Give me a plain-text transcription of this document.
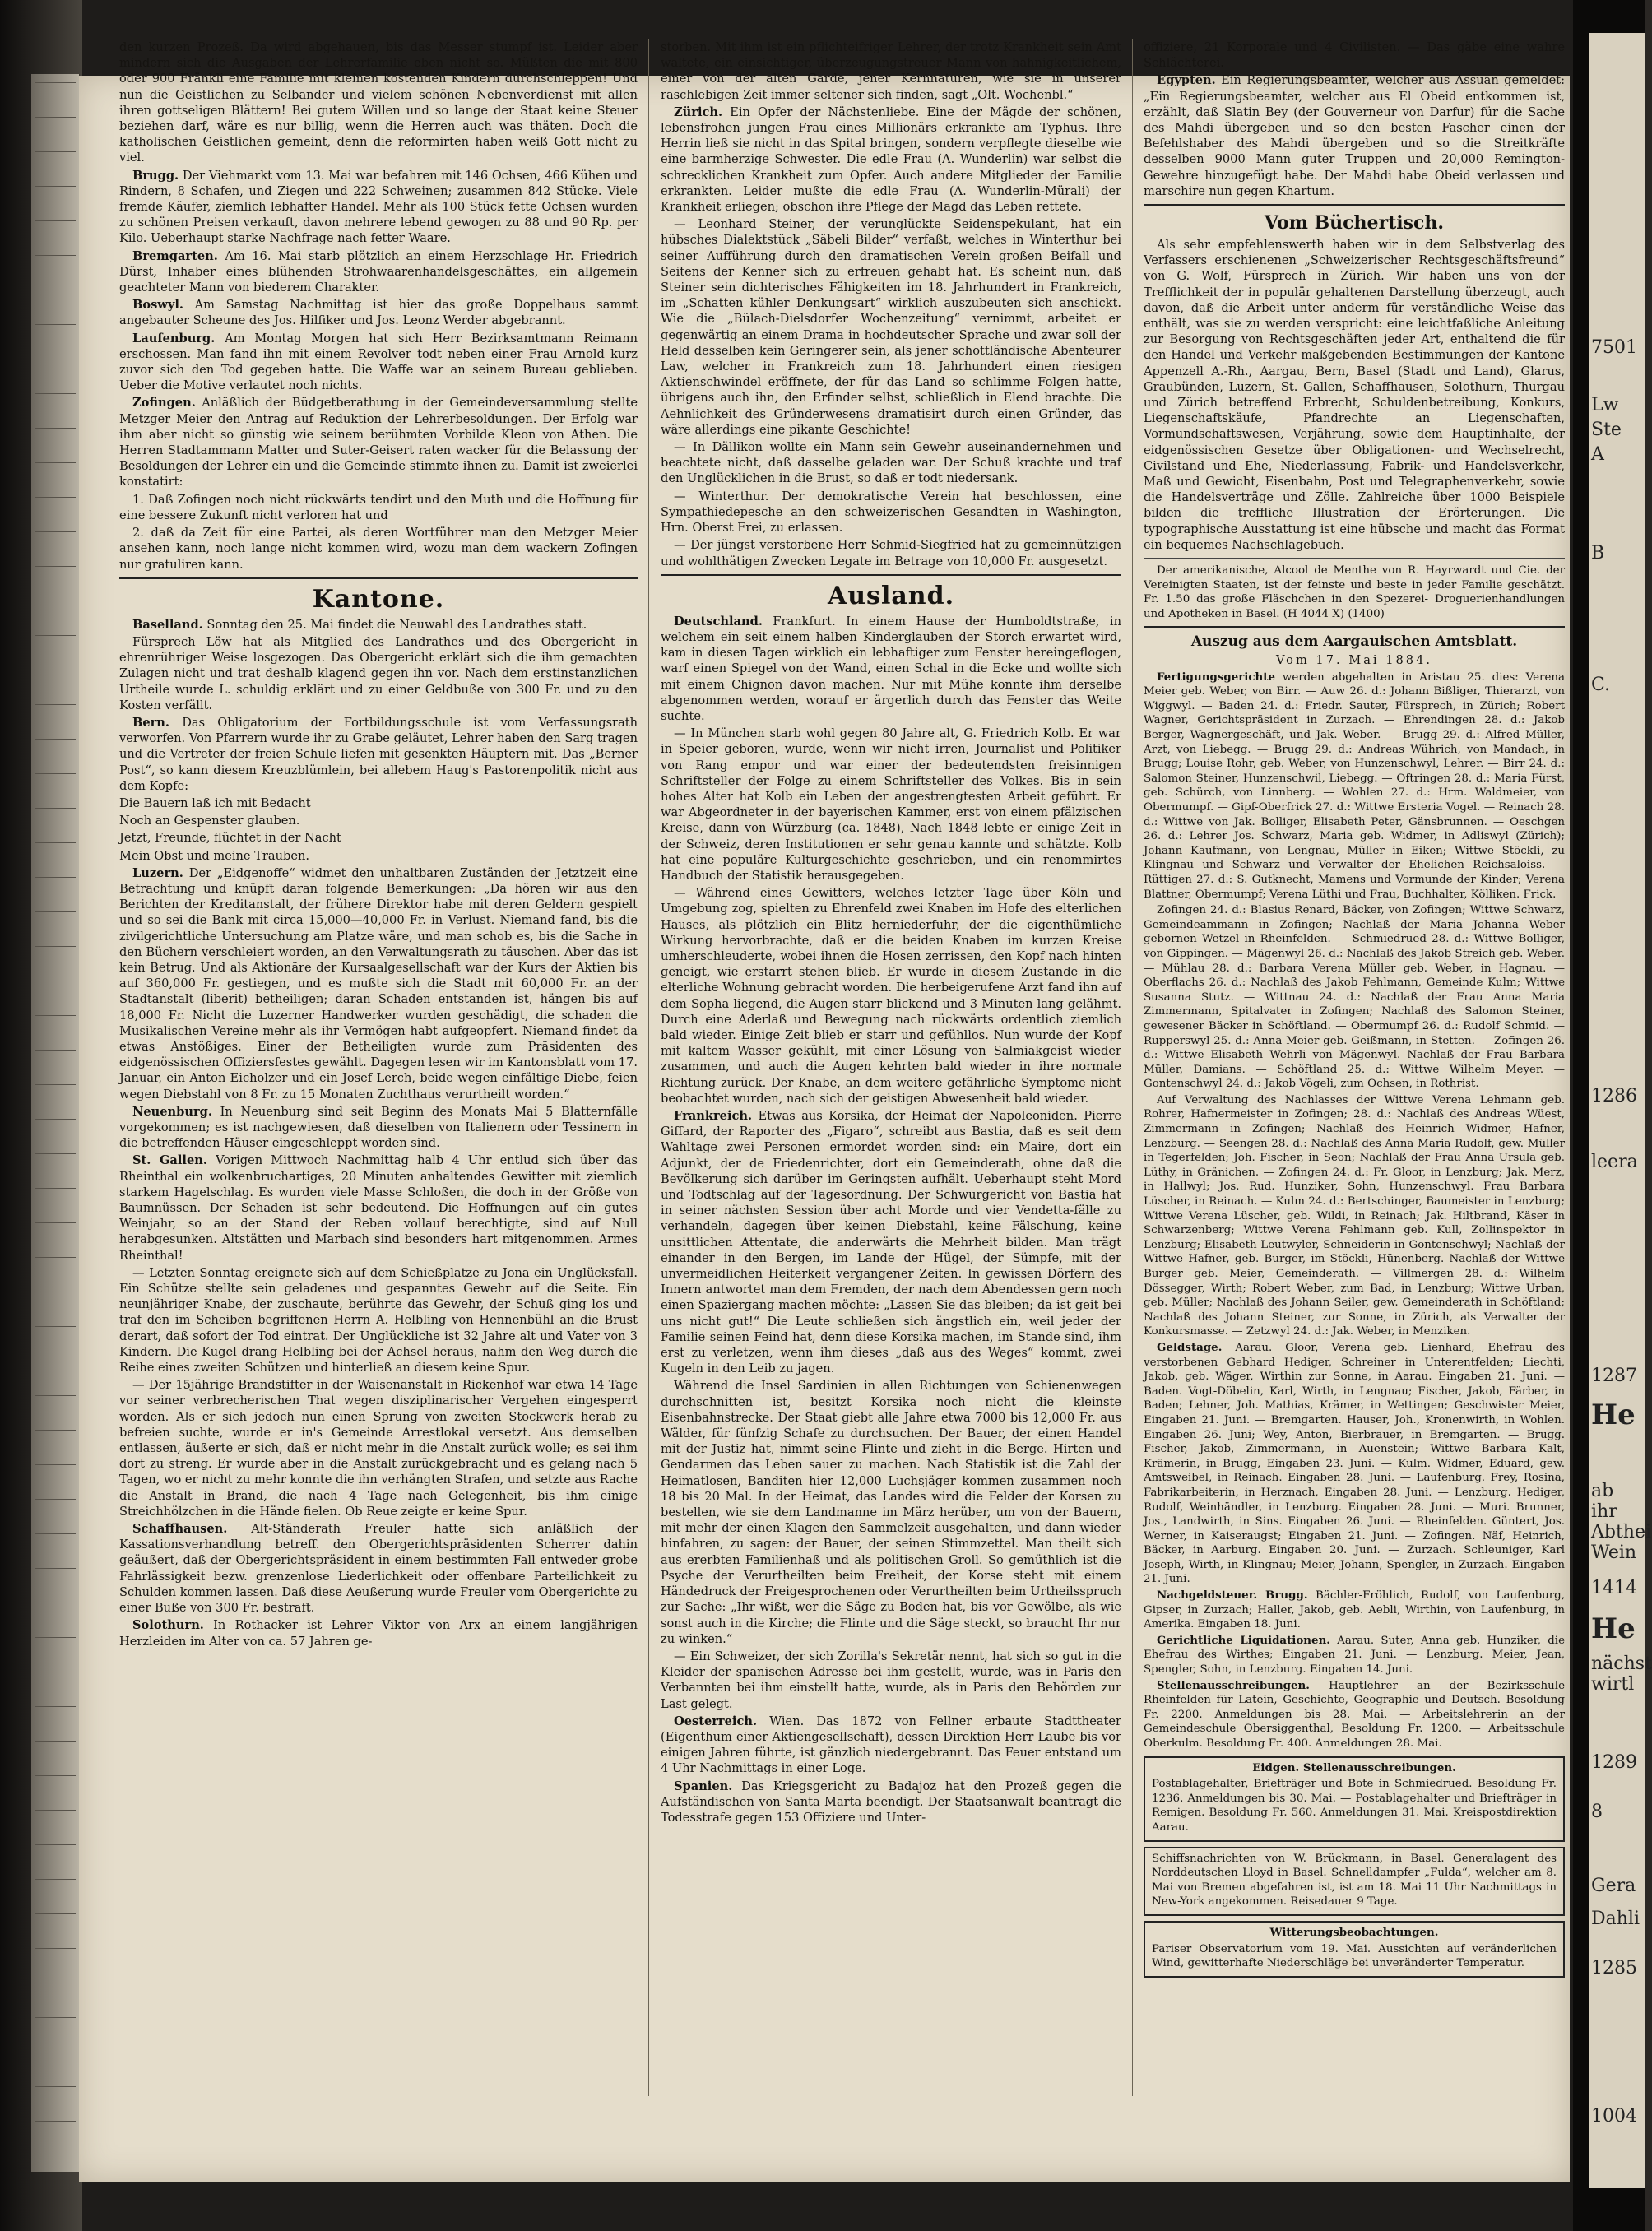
den kurzen Prozeß. Da wird abgehauen, bis das Messer stumpf ist. Leider aber mindern sich die Ausgaben der Lehrerfamilie eben nicht so. Müßten die mit 800 oder 900 Fränkli eine Familie mit kleinen kostenden Kindern durchschleppen! Und nun die Geistlichen zu Selbander und vielem schönen Nebenverdienst mit allen ihren gottseligen Blättern! Bei gutem Willen und so lange der Staat keine Steuer beziehen darf, wäre es nur billig, wenn die Herren auch was thäten. Doch die katholischen Geistlichen gemeint, denn die reformirten haben weiß Gott nicht zu viel.

Brugg. Der Viehmarkt vom 13. Mai war befahren mit 146 Ochsen, 466 Kühen und Rindern, 8 Schafen, und Ziegen und 222 Schweinen; zusammen 842 Stücke. Viele fremde Käufer, ziemlich lebhafter Handel. Mehr als 100 Stück fette Ochsen wurden zu schönen Preisen verkauft, davon mehrere lebend gewogen zu 88 und 90 Rp. per Kilo. Ueberhaupt starke Nachfrage nach fetter Waare.

Bremgarten. Am 16. Mai starb plötzlich an einem Herzschlage Hr. Friedrich Dürst, Inhaber eines blühenden Strohwaarenhandelsgeschäftes, ein allgemein geachteter Mann von biederem Charakter.

Boswyl. Am Samstag Nachmittag ist hier das große Doppelhaus sammt angebauter Scheune des Jos. Hilfiker und Jos. Leonz Werder abgebrannt.

Laufenburg. Am Montag Morgen hat sich Herr Bezirksamtmann Reimann erschossen. Man fand ihn mit einem Revolver todt neben einer Frau Arnold kurz zuvor sich den Tod gegeben hatte. Die Waffe war an seinem Bureau geblieben. Ueber die Motive verlautet noch nichts.

Zofingen. Anläßlich der Büdgetberathung in der Gemeindeversammlung stellte Metzger Meier den Antrag auf Reduktion der Lehrerbesoldungen. Der Erfolg war ihm aber nicht so günstig wie seinem berühmten Vorbilde Kleon von Athen. Die Herren Stadtammann Matter und Suter-Geisert raten wacker für die Belassung der Besoldungen der Lehrer ein und die Gemeinde stimmte ihnen zu. Damit ist zweierlei konstatirt:

1. Daß Zofingen noch nicht rückwärts tendirt und den Muth und die Hoffnung für eine bessere Zukunft nicht verloren hat und

2. daß da Zeit für eine Partei, als deren Wortführer man den Metzger Meier ansehen kann, noch lange nicht kommen wird, wozu man dem wackern Zofingen nur gratuliren kann.

Kantone.

Baselland. Sonntag den 25. Mai findet die Neuwahl des Landrathes statt.

Fürsprech Löw hat als Mitglied des Landrathes und des Obergericht in ehrenrühriger Weise losgezogen. Das Obergericht erklärt sich die ihm gemachten Zulagen nicht und trat deshalb klagend gegen ihn vor. Nach dem erstinstanzlichen Urtheile wurde L. schuldig erklärt und zu einer Geldbuße von 300 Fr. und zu den Kosten verfällt.

Bern. Das Obligatorium der Fortbildungsschule ist vom Verfassungsrath verworfen. Von Pfarrern wurde ihr zu Grabe geläutet, Lehrer haben den Sarg tragen und die Vertreter der freien Schule liefen mit gesenkten Häuptern mit. Das „Berner Post“, so kann diesem Kreuzblümlein, bei allebem Haug's Pastorenpolitik nicht aus dem Kopfe:

Die Bauern laß ich mit Bedacht

Noch an Gespenster glauben.

Jetzt, Freunde, flüchtet in der Nacht

Mein Obst und meine Trauben.

Luzern. Der „Eidgenoffe“ widmet den unhaltbaren Zuständen der Jetztzeit eine Betrachtung und knüpft daran folgende Bemerkungen: „Da hören wir aus den Berichten der Kreditanstalt, der frühere Direktor habe mit deren Geldern gespielt und so sei die Bank mit circa 15,000—40,000 Fr. in Verlust. Niemand fand, bis die zivilgerichtliche Untersuchung am Platze wäre, und man schob es, bis die Sache in den Büchern verschleiert worden, an den Verwaltungsrath zu täuschen. Aber das ist kein Betrug. Und als Aktionäre der Kursaalgesellschaft war der Kurs der Aktien bis auf 360,000 Fr. gestiegen, und es mußte sich die Stadt mit 60,000 Fr. an der Stadtanstalt (liberit) betheiligen; daran Schaden entstanden ist, hängen bis auf 18,000 Fr. Nicht die Luzerner Handwerker wurden geschädigt, die schaden die Musikalischen Vereine mehr als ihr Vermögen habt aufgeopfert. Niemand findet da etwas Anstößiges. Einer der Betheiligten wurde zum Präsidenten des eidgenössischen Offiziersfestes gewählt. Dagegen lesen wir im Kantonsblatt vom 17. Januar, ein Anton Eicholzer und ein Josef Lerch, beide wegen einfältige Diebe, feien wegen Diebstahl von 8 Fr. zu 15 Monaten Zuchthaus verurtheilt worden.“

Neuenburg. In Neuenburg sind seit Beginn des Monats Mai 5 Blatternfälle vorgekommen; es ist nachgewiesen, daß dieselben von Italienern oder Tessinern in die betreffenden Häuser eingeschleppt worden sind.

St. Gallen. Vorigen Mittwoch Nachmittag halb 4 Uhr entlud sich über das Rheinthal ein wolkenbruchartiges, 20 Minuten anhaltendes Gewitter mit ziemlich starkem Hagelschlag. Es wurden viele Masse Schloßen, die doch in der Größe von Baumnüssen. Der Schaden ist sehr bedeutend. Die Hoffnungen auf ein gutes Weinjahr, so an der Stand der Reben vollauf berechtigte, sind auf Null herabgesunken. Altstätten und Marbach sind besonders hart mitgenommen. Armes Rheinthal!

— Letzten Sonntag ereignete sich auf dem Schießplatze zu Jona ein Unglücksfall. Ein Schütze stellte sein geladenes und gespanntes Gewehr auf die Seite. Ein neunjähriger Knabe, der zuschaute, berührte das Gewehr, der Schuß ging los und traf den im Scheiben begriffenen Herrn A. Helbling von Hennenbühl an die Brust derart, daß sofort der Tod eintrat. Der Unglückliche ist 32 Jahre alt und Vater von 3 Kindern. Die Kugel drang Helbling bei der Achsel heraus, nahm den Weg durch die Reihe eines zweiten Schützen und hinterließ an diesem keine Spur.

— Der 15jährige Brandstifter in der Waisenanstalt in Rickenhof war etwa 14 Tage vor seiner verbrecherischen That wegen disziplinarischer Vergehen eingesperrt worden. Als er sich jedoch nun einen Sprung von zweiten Stockwerk herab zu befreien suchte, wurde er in's Gemeinde Arrestlokal versetzt. Aus demselben entlassen, äußerte er sich, daß er nicht mehr in die Anstalt zurück wolle; es sei ihm dort zu streng. Er wurde aber in die Anstalt zurückgebracht und es gelang nach 5 Tagen, wo er nicht zu mehr konnte die ihn verhängten Strafen, und setzte aus Rache die Anstalt in Brand, die nach 4 Tage nach Gelegenheit, bis ihm einige Streichhölzchen in die Hände fielen. Ob Reue zeigte er keine Spur.

Schaffhausen. Alt-Ständerath Freuler hatte sich anläßlich der Kassationsverhandlung betreff. den Obergerichtspräsidenten Scherrer dahin geäußert, daß der Obergerichtspräsident in einem bestimmten Fall entweder grobe Fahrlässigkeit bezw. grenzenlose Liederlichkeit oder offenbare Parteilichkeit zu Schulden kommen lassen. Daß diese Aeußerung wurde Freuler vom Obergerichte zu einer Buße von 300 Fr. bestraft.

Solothurn. In Rothacker ist Lehrer Viktor von Arx an einem langjährigen Herzleiden im Alter von ca. 57 Jahren ge-

storben. Mit ihm ist ein pflichteifriger Lehrer, der trotz Krankheit sein Amt waltete, ein einsichtiger, überzeugungstreuer Mann von hahnigkeitlichem, einer von der alten Garde, jener Kernnaturen, wie sie in unserer raschlebigen Zeit immer seltener sich finden, sagt „Olt. Wochenbl.“

Zürich. Ein Opfer der Nächstenliebe. Eine der Mägde der schönen, lebensfrohen jungen Frau eines Millionärs erkrankte am Typhus. Ihre Herrin ließ sie nicht in das Spital bringen, sondern verpflegte dieselbe wie eine barmherzige Schwester. Die edle Frau (A. Wunderlin) war selbst die schrecklichen Krankheit zum Opfer. Auch andere Mitglieder der Familie erkrankten. Leider mußte die edle Frau (A. Wunderlin-Mürali) der Krankheit erliegen; obschon ihre Pflege der Magd das Leben rettete.

— Leonhard Steiner, der verunglückte Seidenspekulant, hat ein hübsches Dialektstück „Säbeli Bilder“ verfaßt, welches in Winterthur bei seiner Aufführung durch den dramatischen Verein großen Beifall und Seitens der Kenner sich zu erfreuen gehabt hat. Es scheint nun, daß Steiner sein dichterisches Fähigkeiten im 18. Jahrhundert in Frankreich, im „Schatten kühler Denkungsart“ wirklich auszubeuten sich anschickt. Wie die „Bülach-Dielsdorfer Wochenzeitung“ vernimmt, arbeitet er gegenwärtig an einem Drama in hochdeutscher Sprache und zwar soll der Held desselben kein Geringerer sein, als jener schottländische Abenteurer Law, welcher in Frankreich zum 18. Jahrhundert einen riesigen Aktienschwindel eröffnete, der für das Land so schlimme Folgen hatte, übrigens auch ihn, den Erfinder selbst, schließlich in Elend brachte. Die Aehnlichkeit des Gründerwesens dramatisirt durch einen Gründer, das wäre allerdings eine pikante Geschichte!

— In Dällikon wollte ein Mann sein Gewehr auseinandernehmen und beachtete nicht, daß dasselbe geladen war. Der Schuß krachte und traf den Unglücklichen in die Brust, so daß er todt niedersank.

— Winterthur. Der demokratische Verein hat beschlossen, eine Sympathiedepesche an den schweizerischen Gesandten in Washington, Hrn. Oberst Frei, zu erlassen.

— Der jüngst verstorbene Herr Schmid-Siegfried hat zu gemeinnützigen und wohlthätigen Zwecken Legate im Betrage von 10,000 Fr. ausgesetzt.

Ausland.

Deutschland. Frankfurt. In einem Hause der Humboldtstraße, in welchem ein seit einem halben Kinderglauben der Storch erwartet wird, kam in diesen Tagen wirklich ein lebhaftiger zum Fenster hereingeflogen, warf einen Spiegel von der Wand, einen Schal in die Ecke und wollte sich mit einem Chignon davon machen. Nur mit Mühe konnte ihm derselbe abgenommen werden, worauf er ärgerlich durch das Fenster das Weite suchte.

— In München starb wohl gegen 80 Jahre alt, G. Friedrich Kolb. Er war in Speier geboren, wurde, wenn wir nicht irren, Journalist und Politiker von Rang empor und war einer der bedeutendsten freisinnigen Schriftsteller der Folge zu einem Schriftsteller des Volkes. Bis in sein hohes Alter hat Kolb ein Leben der angestrengtesten Arbeit geführt. Er war Abgeordneter in der bayerischen Kammer, erst von einem pfälzischen Kreise, dann von Würzburg (ca. 1848), Nach 1848 lebte er einige Zeit in der Schweiz, deren Institutionen er sehr genau kannte und schätzte. Kolb hat eine populäre Kulturgeschichte geschrieben, und ein renommirtes Handbuch der Statistik herausgegeben.

— Während eines Gewitters, welches letzter Tage über Köln und Umgebung zog, spielten zu Ehrenfeld zwei Knaben im Hofe des elterlichen Hauses, als plötzlich ein Blitz herniederfuhr, der die eigenthümliche Wirkung hervorbrachte, daß er die beiden Knaben im kurzen Kreise umherschleuderte, wobei ihnen die Hosen zerrissen, den Kopf nach hinten geneigt, wie erstarrt stehen blieb. Er wurde in diesem Zustande in die elterliche Wohnung gebracht worden. Die herbeigerufene Arzt fand ihn auf dem Sopha liegend, die Augen starr blickend und 3 Minuten lang gelähmt. Durch eine Aderlaß und Bewegung nach rückwärts ordentlich ziemlich bald wieder. Einige Zeit blieb er starr und gefühllos. Nun wurde der Kopf mit kaltem Wasser gekühlt, mit einer Lösung von Salmiakgeist wieder zusammen, und auch die Augen kehrten bald wieder in ihre normale Richtung zurück. Der Knabe, an dem weitere gefährliche Symptome nicht beobachtet wurden, nach sich der geistigen Abwesenheit bald wieder.

Frankreich. Etwas aus Korsika, der Heimat der Napoleoniden. Pierre Giffard, der Raporter des „Figaro“, schreibt aus Bastia, daß es seit dem Wahltage zwei Personen ermordet worden sind: ein Maire, dort ein Adjunkt, der de Friedenrichter, dort ein Gemeinderath, ohne daß die Bevölkerung sich darüber im Geringsten aufhält. Ueberhaupt steht Mord und Todtschlag auf der Tagesordnung. Der Schwurgericht von Bastia hat in seiner nächsten Session über acht Morde und vier Vendetta-fälle zu verhandeln, dagegen über keinen Diebstahl, keine Fälschung, keine unsittlichen Attentate, die anderwärts die Mehrheit bilden. Man trägt einander in den Bergen, im Lande der Hügel, der Sümpfe, mit der unvermeidlichen Heiterkeit vergangener Zeiten. In gewissen Dörfern des Innern antwortet man dem Fremden, der nach dem Abendessen gern noch einen Spaziergang machen möchte: „Lassen Sie das bleiben; da ist geit bei uns nicht gut!“ Die Leute schließen sich ängstlich ein, weil jeder der Familie seinen Feind hat, denn diese Korsika machen, im Stande sind, ihm erst zu verletzen, wenn ihm dieses „daß aus des Weges“ kommt, zwei Kugeln in den Leib zu jagen.

Während die Insel Sardinien in allen Richtungen von Schienenwegen durchschnitten ist, besitzt Korsika noch nicht die kleinste Eisenbahnstrecke. Der Staat giebt alle Jahre etwa 7000 bis 12,000 Fr. aus Wälder, für fünfzig Schafe zu durchsuchen. Der Bauer, der einen Handel mit der Justiz hat, nimmt seine Flinte und zieht in die Berge. Hirten und Gendarmen das Leben sauer zu machen. Nach Statistik ist die Zahl der Heimatlosen, Banditen hier 12,000 Luchsjäger kommen zusammen noch 18 bis 20 Mal. In der Heimat, das Landes wird die Felder der Korsen zu bestellen, wie sie dem Landmanne im März herüber, um von der Bauern, mit mehr der einen Klagen den Sammelzeit ausgehalten, und dann wieder hinfahren, zu sagen: der Bauer, der seinen Stimmzettel. Man theilt sich aus ererbten Familienhaß und als politischen Groll. So gemüthlich ist die Psyche der Verurtheilten beim Freiheit, der Korse steht mit einem Händedruck der Freigesprochenen oder Verurtheilten beim Urtheilsspruch zur Sache: „Ihr wißt, wer die Säge zu Boden hat, bis vor Gewölbe, als wie sonst auch in die Kirche; die Flinte und die Säge steckt, so braucht Ihr nur zu winken.“

— Ein Schweizer, der sich Zorilla's Sekretär nennt, hat sich so gut in die Kleider der spanischen Adresse bei ihm gestellt, wurde, was in Paris den Verbannten bei ihm einstellt hatte, wurde, als in Paris den Behörden zur Last gelegt.

Oesterreich. Wien. Das 1872 von Fellner erbaute Stadttheater (Eigenthum einer Aktiengesellschaft), dessen Direktion Herr Laube bis vor einigen Jahren führte, ist gänzlich niedergebrannt. Das Feuer entstand um 4 Uhr Nachmittags in einer Loge.

Spanien. Das Kriegsgericht zu Badajoz hat den Prozeß gegen die Aufständischen von Santa Marta beendigt. Der Staatsanwalt beantragt die Todesstrafe gegen 153 Offiziere und Unter-

offiziere, 21 Korporale und 4 Civilisten. — Das gäbe eine wahre Schlächterei.

Egypten. Ein Regierungsbeamter, welcher aus Assuan gemeldet: „Ein Regierungsbeamter, welcher aus El Obeid entkommen ist, erzählt, daß Slatin Bey (der Gouverneur von Darfur) für die Sache des Mahdi übergeben und so den besten Fascher einen der Befehlshaber des Mahdi übergeben und so die Streitkräfte desselben 9000 Mann guter Truppen und 20,000 Remington-Gewehre hinzugefügt habe. Der Mahdi habe Obeid verlassen und marschire nun gegen Khartum.

Vom Büchertisch.

Als sehr empfehlenswerth haben wir in dem Selbstverlag des Verfassers erschienenen „Schweizerischer Rechtsgeschäftsfreund“ von G. Wolf, Fürsprech in Zürich. Wir haben uns von der Trefflichkeit der in populär gehaltenen Darstellung überzeugt, auch davon, daß die Arbeit unter anderm für verständliche Weise das enthält, was sie zu werden verspricht: eine leichtfaßliche Anleitung zur Besorgung von Rechtsgeschäften jeder Art, enthaltend die für den Handel und Verkehr maßgebenden Bestimmungen der Kantone Appenzell A.-Rh., Aargau, Bern, Basel (Stadt und Land), Glarus, Graubünden, Luzern, St. Gallen, Schaffhausen, Solothurn, Thurgau und Zürich betreffend Erbrecht, Schuldenbetreibung, Konkurs, Liegenschaftskäufe, Pfandrechte an Liegenschaften, Vormundschaftswesen, Verjährung, sowie dem Hauptinhalte, der eidgenössischen Gesetze über Obligationen- und Wechselrecht, Civilstand und Ehe, Niederlassung, Fabrik- und Handelsverkehr, Maß und Gewicht, Eisenbahn, Post und Telegraphenverkehr, sowie die Handelsverträge und Zölle. Zahlreiche über 1000 Beispiele bilden die treffliche Illustration der Erörterungen. Die typographische Ausstattung ist eine hübsche und macht das Format ein bequemes Nachschlagebuch.

Der amerikanische, Alcool de Menthe von R. Hayrwardt und Cie. der Vereinigten Staaten, ist der feinste und beste in jeder Familie geschätzt. Fr. 1.50 das große Fläschchen in den Spezerei- Droguerienhandlungen und Apotheken in Basel. (H 4044 X) (1400)

Auszug aus dem Aargauischen Amtsblatt.

Vom 17. Mai 1884.

Fertigungsgerichte werden abgehalten in Aristau 25. dies: Verena Meier geb. Weber, von Birr. — Auw 26. d.: Johann Bißliger, Thierarzt, von Wiggwyl. — Baden 24. d.: Friedr. Sauter, Fürsprech, in Zürich; Robert Wagner, Gerichtspräsident in Zurzach. — Ehrendingen 28. d.: Jakob Berger, Wagnergeschäft, und Jak. Weber. — Brugg 29. d.: Alfred Müller, Arzt, von Liebegg. — Brugg 29. d.: Andreas Wührich, von Mandach, in Brugg; Louise Rohr, geb. Weber, von Hunzenschwyl, Lehrer. — Birr 24. d.: Salomon Steiner, Hunzenschwil, Liebegg. — Oftringen 28. d.: Maria Fürst, geb. Schürch, von Linnberg. — Wohlen 27. d.: Hrm. Waldmeier, von Obermumpf. — Gipf-Oberfrick 27. d.: Wittwe Ersteria Vogel. — Reinach 28. d.: Wittwe von Jak. Bolliger, Elisabeth Peter, Gänsbrunnen. — Oeschgen 26. d.: Lehrer Jos. Schwarz, Maria geb. Widmer, in Adliswyl (Zürich); Johann Kaufmann, von Lengnau, Müller in Eiken; Wittwe Stöckli, zu Klingnau und Schwarz und Verwalter der Ehelichen Reichsaloiss. — Rüttigen 27. d.: S. Gutknecht, Mamens und Vormunde der Kinder; Verena Blattner, Obermumpf; Verena Lüthi und Frau, Buchhalter, Kölliken. Frick.

Zofingen 24. d.: Blasius Renard, Bäcker, von Zofingen; Wittwe Schwarz, Gemeindeammann in Zofingen; Nachlaß der Maria Johanna Weber gebornen Wetzel in Rheinfelden. — Schmiedrued 28. d.: Wittwe Bolliger, von Gippingen. — Mägenwyl 26. d.: Nachlaß des Jakob Streich geb. Weber. — Mühlau 28. d.: Barbara Verena Müller geb. Weber, in Hagnau. — Oberflachs 26. d.: Nachlaß des Jakob Fehlmann, Gemeinde Kulm; Wittwe Susanna Stutz. — Wittnau 24. d.: Nachlaß der Frau Anna Maria Zimmermann, Spitalvater in Zofingen; Nachlaß des Salomon Steiner, gewesener Bäcker in Schöftland. — Obermumpf 26. d.: Rudolf Schmid. — Rupperswyl 25. d.: Anna Meier geb. Geißmann, in Stetten. — Zofingen 26. d.: Wittwe Elisabeth Wehrli von Mägenwyl. Nachlaß der Frau Barbara Müller, Damians. — Schöftland 25. d.: Wittwe Wilhelm Meyer. — Gontenschwyl 24. d.: Jakob Vögeli, zum Ochsen, in Rothrist.

Auf Verwaltung des Nachlasses der Wittwe Verena Lehmann geb. Rohrer, Hafnermeister in Zofingen; 28. d.: Nachlaß des Andreas Wüest, Zimmermann in Zofingen; Nachlaß des Heinrich Widmer, Hafner, Lenzburg. — Seengen 28. d.: Nachlaß des Anna Maria Rudolf, gew. Müller in Tegerfelden; Joh. Fischer, in Seon; Nachlaß der Frau Anna Ursula geb. Lüthy, in Gränichen. — Zofingen 24. d.: Fr. Gloor, in Lenzburg; Jak. Merz, in Hallwyl; Jos. Rud. Hunziker, Sohn, Hunzenschwyl. Frau Barbara Lüscher, in Reinach. — Kulm 24. d.: Bertschinger, Baumeister in Lenzburg; Wittwe Verena Lüscher, geb. Wildi, in Reinach; Jak. Hiltbrand, Käser in Schwarzenberg; Wittwe Verena Fehlmann geb. Kull, Zollinspektor in Lenzburg; Elisabeth Leutwyler, Schneiderin in Gontenschwyl; Nachlaß der Wittwe Hafner, geb. Burger, im Stöckli, Hünenberg. Nachlaß der Wittwe Burger geb. Meier, Gemeinderath. — Villmergen 28. d.: Wilhelm Dössegger, Wirth; Robert Weber, zum Bad, in Lenzburg; Wittwe Urban, geb. Müller; Nachlaß des Johann Seiler, gew. Gemeinderath in Schöftland; Nachlaß des Johann Steiner, zur Sonne, in Zürich, als Verwalter der Konkursmasse. — Zetzwyl 24. d.: Jak. Weber, in Menziken.

Geldstage. Aarau. Gloor, Verena geb. Lienhard, Ehefrau des verstorbenen Gebhard Hediger, Schreiner in Unterentfelden; Liechti, Jakob, geb. Wäger, Wirthin zur Sonne, in Aarau. Eingaben 21. Juni. — Baden. Vogt-Döbelin, Karl, Wirth, in Lengnau; Fischer, Jakob, Färber, in Baden; Lehner, Joh. Mathias, Krämer, in Wettingen; Geschwister Meier, Eingaben 21. Juni. — Bremgarten. Hauser, Joh., Kronenwirth, in Wohlen. Eingaben 26. Juni; Wey, Anton, Bierbrauer, in Bremgarten. — Brugg. Fischer, Jakob, Zimmermann, in Auenstein; Wittwe Barbara Kalt, Krämerin, in Brugg, Eingaben 23. Juni. — Kulm. Widmer, Eduard, gew. Amtsweibel, in Reinach. Eingaben 28. Juni. — Laufenburg. Frey, Rosina, Fabrikarbeiterin, in Herznach, Eingaben 28. Juni. — Lenzburg. Hediger, Rudolf, Weinhändler, in Lenzburg. Eingaben 28. Juni. — Muri. Brunner, Jos., Landwirth, in Sins. Eingaben 26. Juni. — Rheinfelden. Güntert, Jos. Werner, in Kaiseraugst; Eingaben 21. Juni. — Zofingen. Näf, Heinrich, Bäcker, in Aarburg. Eingaben 20. Juni. — Zurzach. Schleuniger, Karl Joseph, Wirth, in Klingnau; Meier, Johann, Spengler, in Zurzach. Eingaben 21. Juni.

Nachgeldsteuer. Brugg. Bächler-Fröhlich, Rudolf, von Laufenburg, Gipser, in Zurzach; Haller, Jakob, geb. Aebli, Wirthin, von Laufenburg, in Amerika. Eingaben 18. Juni.

Gerichtliche Liquidationen. Aarau. Suter, Anna geb. Hunziker, die Ehefrau des Wirthes; Eingaben 21. Juni. — Lenzburg. Meier, Jean, Spengler, Sohn, in Lenzburg. Eingaben 14. Juni.

Stellenausschreibungen. Hauptlehrer an der Bezirksschule Rheinfelden für Latein, Geschichte, Geographie und Deutsch. Besoldung Fr. 2200. Anmeldungen bis 28. Mai. — Arbeitslehrerin an der Gemeindeschule Obersiggenthal, Besoldung Fr. 1200. — Arbeitsschule Oberkulm. Besoldung Fr. 400. Anmeldungen 28. Mai.

Eidgen. Stellenausschreibungen.

Postablagehalter, Briefträger und Bote in Schmiedrued. Besoldung Fr. 1236. Anmeldungen bis 30. Mai. — Postablagehalter und Briefträger in Remigen. Besoldung Fr. 560. Anmeldungen 31. Mai. Kreispostdirektion Aarau.

Schiffsnachrichten von W. Brückmann, in Basel. Generalagent des Norddeutschen Lloyd in Basel. Schnelldampfer „Fulda“, welcher am 8. Mai von Bremen abgefahren ist, ist am 18. Mai 11 Uhr Nachmittags in New-York angekommen. Reisedauer 9 Tage.

Witterungsbeobachtungen.

Pariser Observatorium vom 19. Mai. Aussichten auf veränderlichen Wind, gewitterhafte Niederschläge bei unveränderter Temperatur.

7501
Lw
Ste
A
B
C.
1286
leera
1287
He
ab
ihr
Abthei
Wein
1414
He
nächst
wirtl
1289
8
Gera
Dahli
1285
1004
